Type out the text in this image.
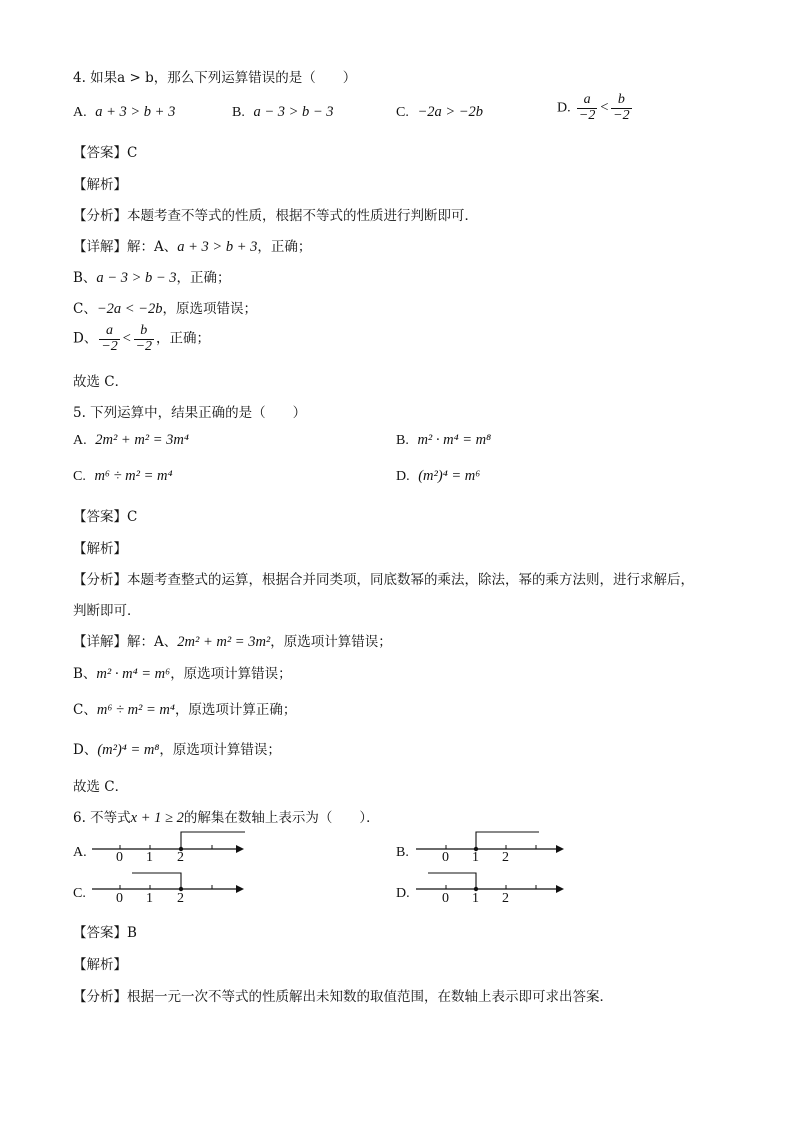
4. 如果a > b，那么下列运算错误的是（　　）
A. a + 3 > b + 3	B. a − 3 > b − 3	C. −2a > −2b	D. $\frac{a}{-2} < \frac{b}{-2}$
【答案】C
【解析】
【分析】本题考查不等式的性质，根据不等式的性质进行判断即可．
【详解】解：A、a + 3 > b + 3，正确；
B、a − 3 > b − 3，正确；
C、−2a < −2b，原选项错误；
D、 $\frac{a}{-2} < \frac{b}{-2}$ ，正确；
故选 C．
5. 下列运算中，结果正确的是（　　）
A. 2m² + m² = 3m⁴	B. m² · m⁴ = m⁸
C. m⁶ ÷ m² = m⁴	D. (m²)⁴ = m⁶
【答案】C
【解析】
【分析】本题考查整式的运算，根据合并同类项，同底数幂的乘法，除法，幂的乘方法则，进行求解后，
判断即可．
【详解】解：A、2m² + m² = 3m²，原选项计算错误；
B、m² · m⁴ = m⁶，原选项计算错误；
C、m⁶ ÷ m² = m⁴，原选项计算正确；
D、(m²)⁴ = m⁸，原选项计算错误；
故选 C．
6. 不等式x + 1 ≥ 2的解集在数轴上表示为（　　）．
A. 0 1 2	B. 0 1 2
C. 0 1 2	D. 0 1 2
【答案】B
【解析】
【分析】根据一元一次不等式的性质解出未知数的取值范围，在数轴上表示即可求出答案．
